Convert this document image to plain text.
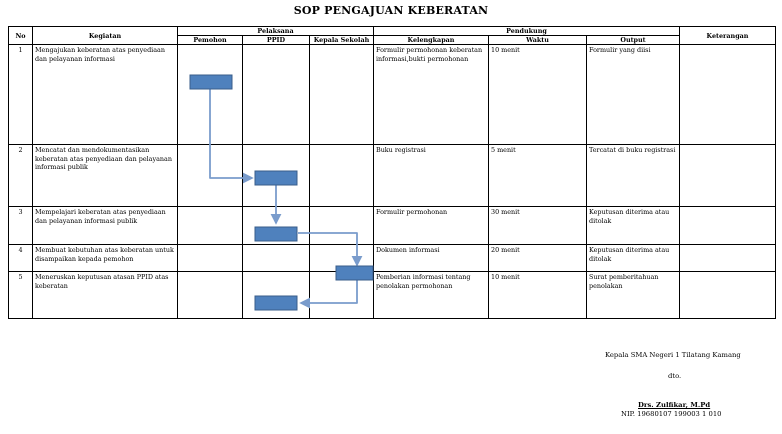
SOP PENGAJUAN KEBERATAN
No	Kegiatan	Pelaksana			Pendukung			Keterangan
		Pemohon	PPID	Kepala Sekolah	Kelengkapan	Waktu	Output	
1	Mengajukan keberatan atas penyediaan dan pelayanan informasi				Formulir permohonan keberatan informasi,bukti permohonan	10 menit	Formulir yang diisi	
2	Mencatat dan mendokumentasikan keberatan atas penyediaan dan pelayanan informasi publik				Buku registrasi	5 menit	Tercatat di buku registrasi	
3	Mempelajari keberatan atas penyediaan dan pelayanan informasi publik				Formulir permohonan	30 menit	Keputusan diterima atau ditolak	
4	Membuat kebutuhan atas keberatan untuk disampaikan kepada pemohon				Dokumen informasi	20 menit	Keputusan diterima atau ditolak	
5	Meneruskan keputusan atasan PPID atas keberatan				Pemberian informasi tentang penolakan permohonan	10 menit	Surat pemberitahuan penolakan	
Kepala SMA Negeri 1 Tilatang Kamang
dto.
Drs. Zulfikar, M.Pd
NIP. 19680107 199003 1 010
